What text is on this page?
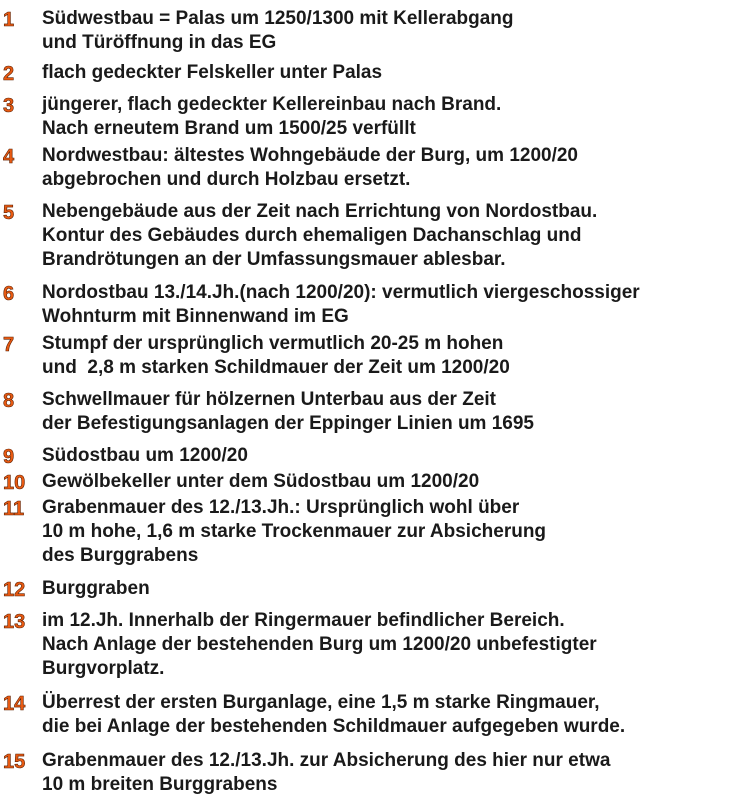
1 Südwestbau = Palas um 1250/1300 mit Kellerabgang
und Türöffnung in das EG
2 flach gedeckter Felskeller unter Palas
3 jüngerer, flach gedeckter Kellereinbau nach Brand.
Nach erneutem Brand um 1500/25 verfüllt
4 Nordwestbau: ältestes Wohngebäude der Burg, um 1200/20
abgebrochen und durch Holzbau ersetzt.
5 Nebengebäude aus der Zeit nach Errichtung von Nordostbau.
Kontur des Gebäudes durch ehemaligen Dachanschlag und
Brandrötungen an der Umfassungsmauer ablesbar.
6 Nordostbau 13./14.Jh.(nach 1200/20): vermutlich viergeschossiger
Wohnturm mit Binnenwand im EG
7 Stumpf der ursprünglich vermutlich 20-25 m hohen
und  2,8 m starken Schildmauer der Zeit um 1200/20
8 Schwellmauer für hölzernen Unterbau aus der Zeit
der Befestigungsanlagen der Eppinger Linien um 1695
9 Südostbau um 1200/20
10 Gewölbekeller unter dem Südostbau um 1200/20
11 Grabenmauer des 12./13.Jh.: Ursprünglich wohl über
10 m hohe, 1,6 m starke Trockenmauer zur Absicherung
des Burggrabens
12 Burggraben
13 im 12.Jh. Innerhalb der Ringermauer befindlicher Bereich.
Nach Anlage der bestehenden Burg um 1200/20 unbefestigter
Burgvorplatz.
14 Überrest der ersten Burganlage, eine 1,5 m starke Ringmauer,
die bei Anlage der bestehenden Schildmauer aufgegeben wurde.
15 Grabenmauer des 12./13.Jh. zur Absicherung des hier nur etwa
10 m breiten Burggrabens
